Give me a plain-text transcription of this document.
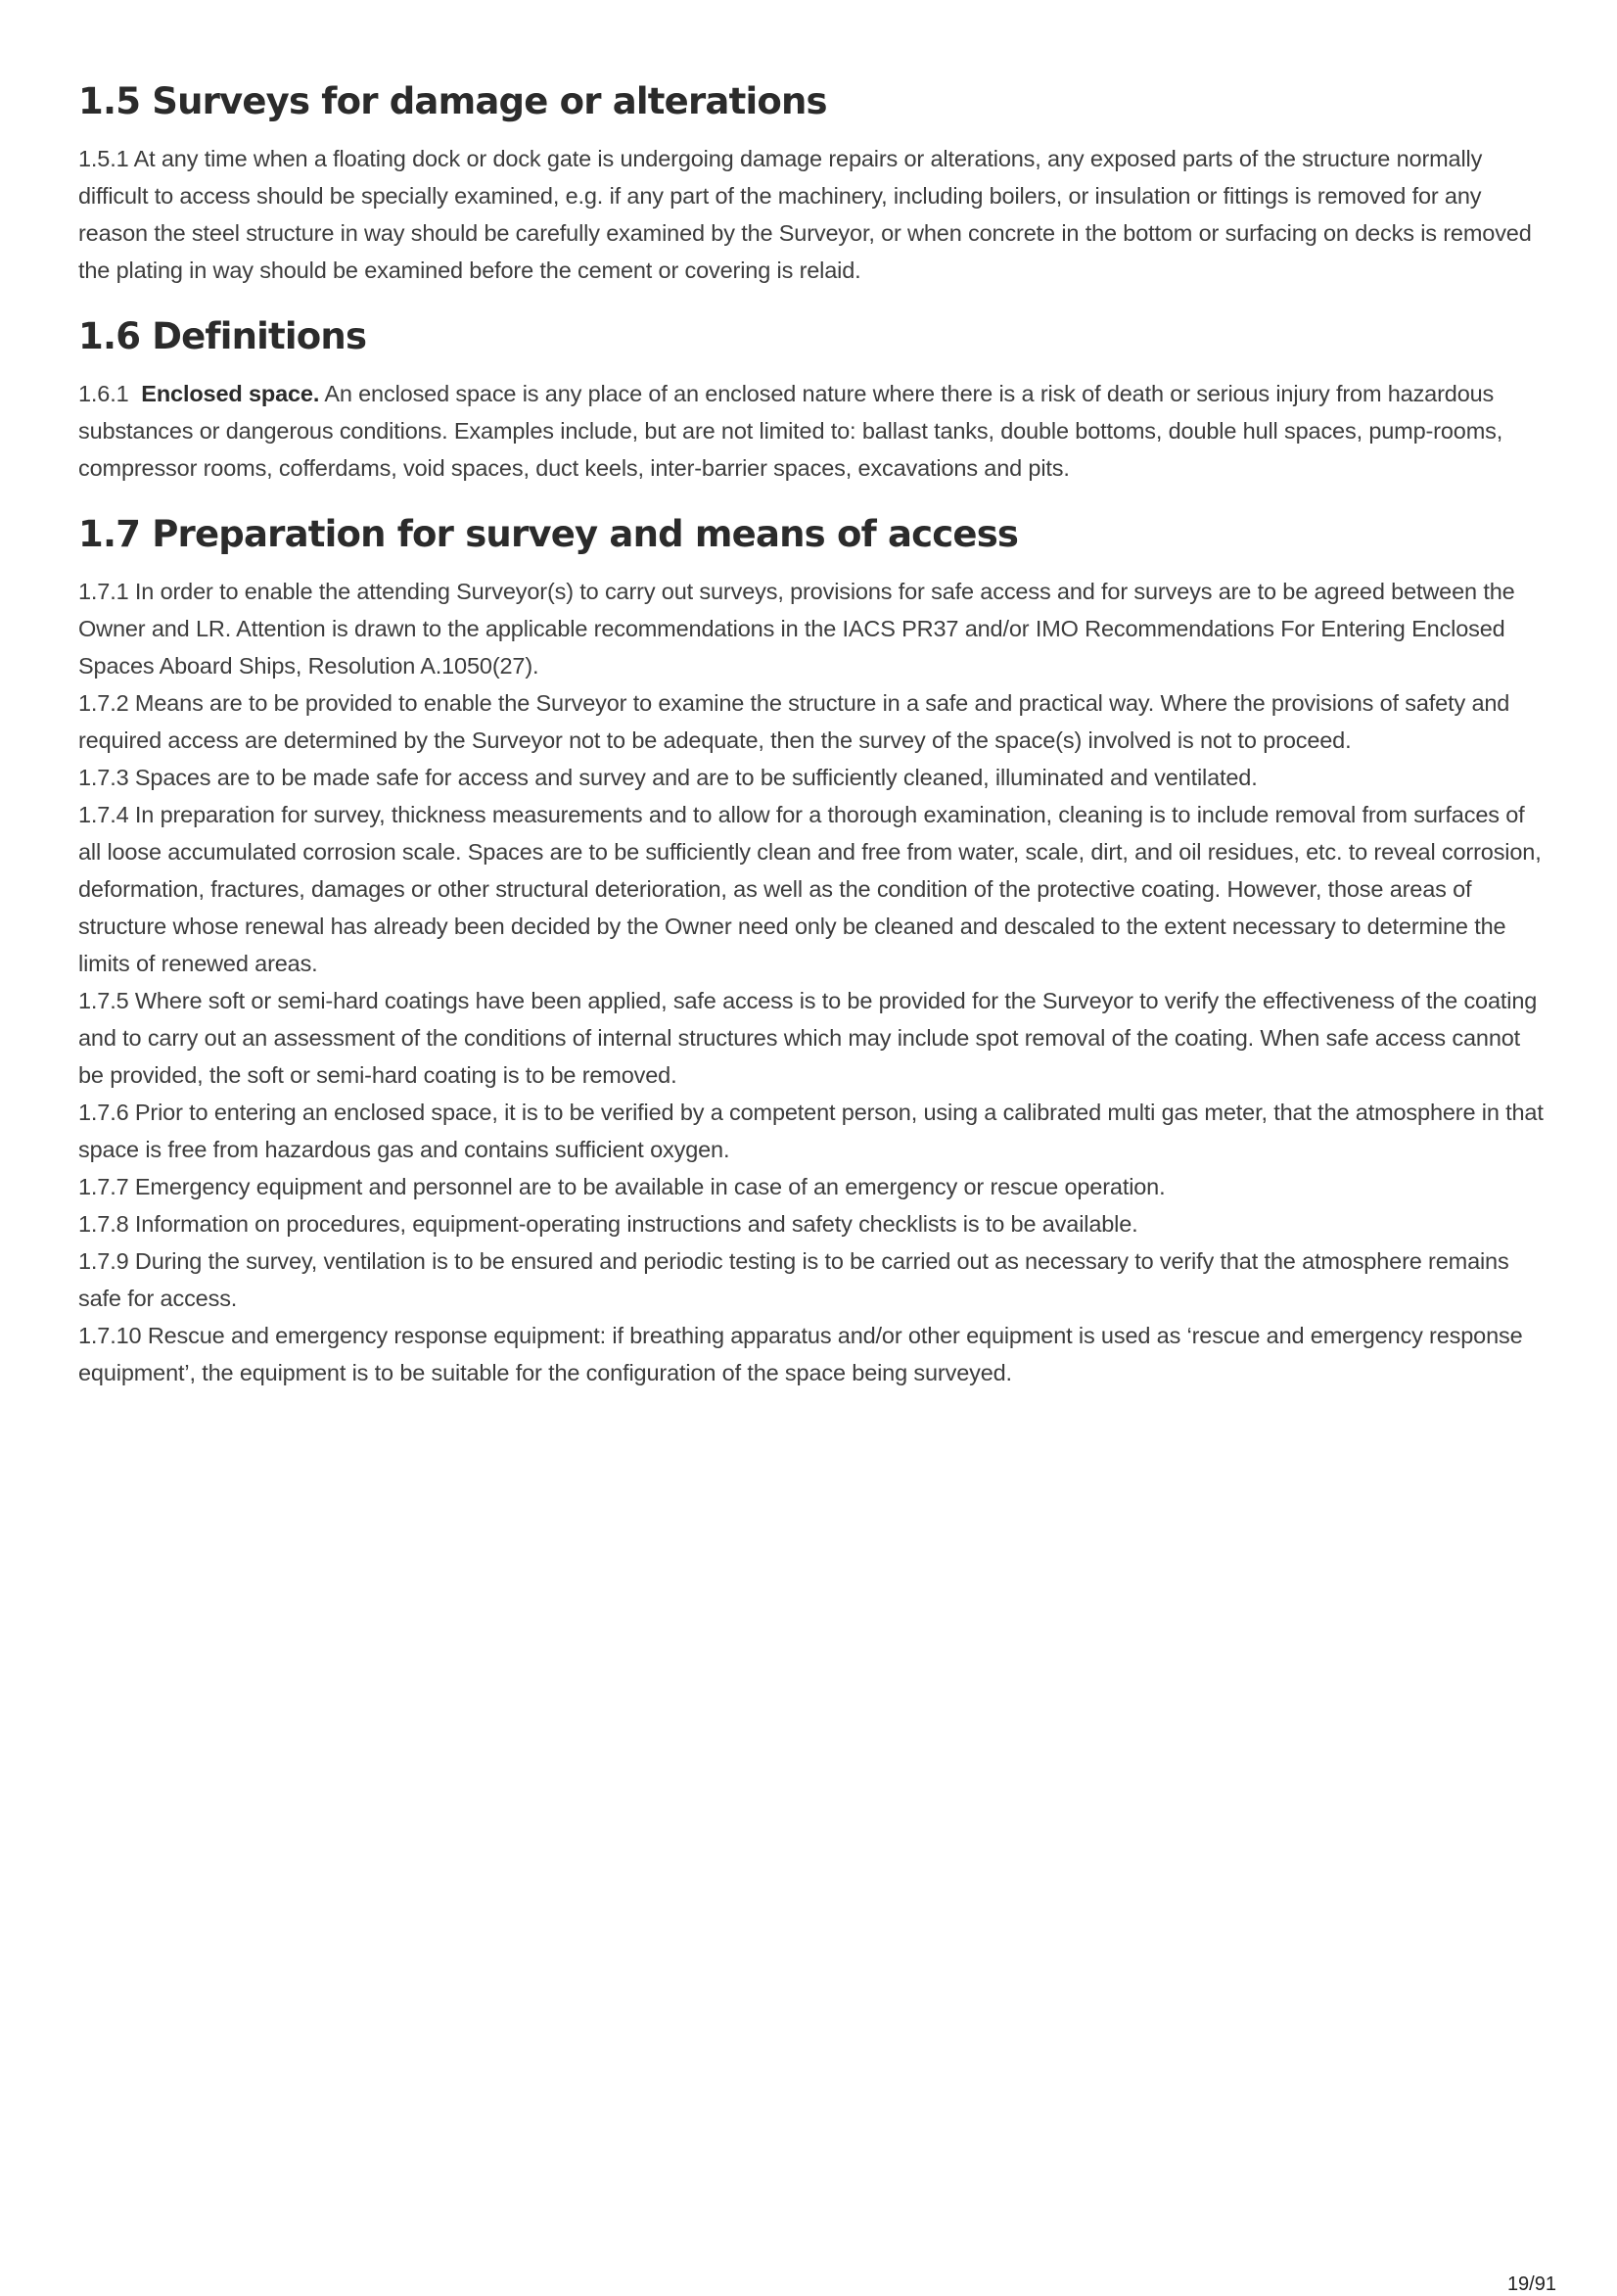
1.5 Surveys for damage or alterations

1.5.1 At any time when a floating dock or dock gate is undergoing damage repairs or alterations, any exposed parts of the structure normally difficult to access should be specially examined, e.g. if any part of the machinery, including boilers, or insulation or fittings is removed for any reason the steel structure in way should be carefully examined by the Surveyor, or when concrete in the bottom or surfacing on decks is removed the plating in way should be examined before the cement or covering is relaid.

1.6 Definitions

1.6.1 Enclosed space. An enclosed space is any place of an enclosed nature where there is a risk of death or serious injury from hazardous substances or dangerous conditions. Examples include, but are not limited to: ballast tanks, double bottoms, double hull spaces, pump-rooms, compressor rooms, cofferdams, void spaces, duct keels, inter-barrier spaces, excavations and pits.

1.7 Preparation for survey and means of access

1.7.1 In order to enable the attending Surveyor(s) to carry out surveys, provisions for safe access and for surveys are to be agreed between the Owner and LR. Attention is drawn to the applicable recommendations in the IACS PR37 and/or IMO Recommendations For Entering Enclosed Spaces Aboard Ships, Resolution A.1050(27).

1.7.2 Means are to be provided to enable the Surveyor to examine the structure in a safe and practical way. Where the provisions of safety and required access are determined by the Surveyor not to be adequate, then the survey of the space(s) involved is not to proceed.

1.7.3 Spaces are to be made safe for access and survey and are to be sufficiently cleaned, illuminated and ventilated.

1.7.4 In preparation for survey, thickness measurements and to allow for a thorough examination, cleaning is to include removal from surfaces of all loose accumulated corrosion scale. Spaces are to be sufficiently clean and free from water, scale, dirt, and oil residues, etc. to reveal corrosion, deformation, fractures, damages or other structural deterioration, as well as the condition of the protective coating. However, those areas of structure whose renewal has already been decided by the Owner need only be cleaned and descaled to the extent necessary to determine the limits of renewed areas.

1.7.5 Where soft or semi-hard coatings have been applied, safe access is to be provided for the Surveyor to verify the effectiveness of the coating and to carry out an assessment of the conditions of internal structures which may include spot removal of the coating. When safe access cannot be provided, the soft or semi-hard coating is to be removed.

1.7.6 Prior to entering an enclosed space, it is to be verified by a competent person, using a calibrated multi gas meter, that the atmosphere in that space is free from hazardous gas and contains sufficient oxygen.

1.7.7 Emergency equipment and personnel are to be available in case of an emergency or rescue operation.

1.7.8 Information on procedures, equipment-operating instructions and safety checklists is to be available.

1.7.9 During the survey, ventilation is to be ensured and periodic testing is to be carried out as necessary to verify that the atmosphere remains safe for access.

1.7.10 Rescue and emergency response equipment: if breathing apparatus and/or other equipment is used as ‘rescue and emergency response equipment’, the equipment is to be suitable for the configuration of the space being surveyed.

19/91
